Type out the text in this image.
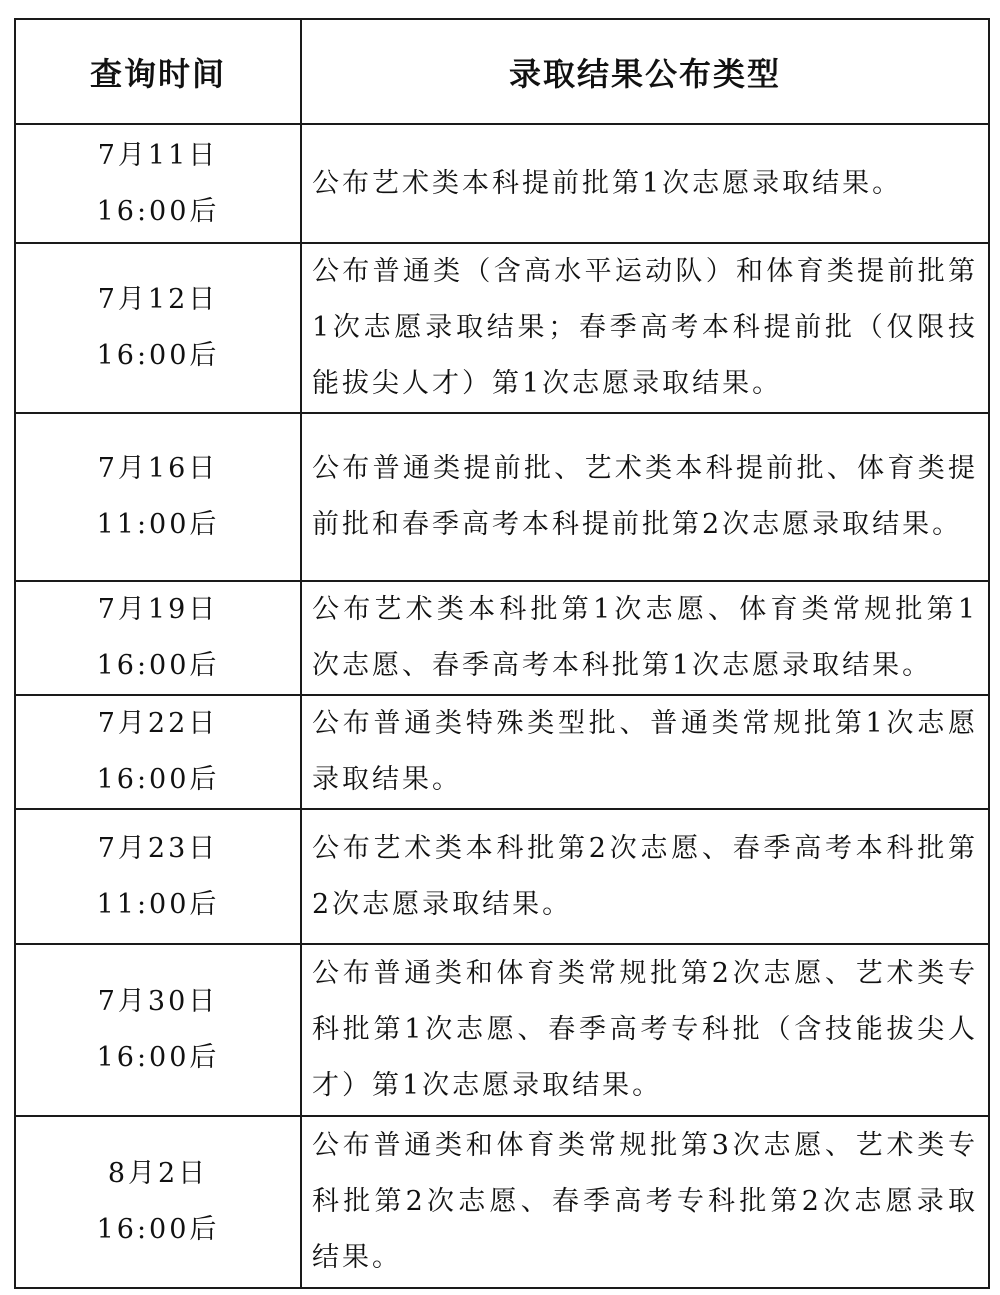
查询时间	录取结果公布类型

7月11日
16:00后	公布艺术类本科提前批第1次志愿录取结果。

7月12日
16:00后	公布普通类（含高水平运动队）和体育类提前批第1次志愿录取结果；春季高考本科提前批（仅限技能拔尖人才）第1次志愿录取结果。

7月16日
11:00后	公布普通类提前批、艺术类本科提前批、体育类提前批和春季高考本科提前批第2次志愿录取结果。

7月19日
16:00后	公布艺术类本科批第1次志愿、体育类常规批第1次志愿、春季高考本科批第1次志愿录取结果。

7月22日
16:00后	公布普通类特殊类型批、普通类常规批第1次志愿录取结果。

7月23日
11:00后	公布艺术类本科批第2次志愿、春季高考本科批第2次志愿录取结果。

7月30日
16:00后	公布普通类和体育类常规批第2次志愿、艺术类专科批第1次志愿、春季高考专科批（含技能拔尖人才）第1次志愿录取结果。

8月2日
16:00后	公布普通类和体育类常规批第3次志愿、艺术类专科批第2次志愿、春季高考专科批第2次志愿录取结果。
